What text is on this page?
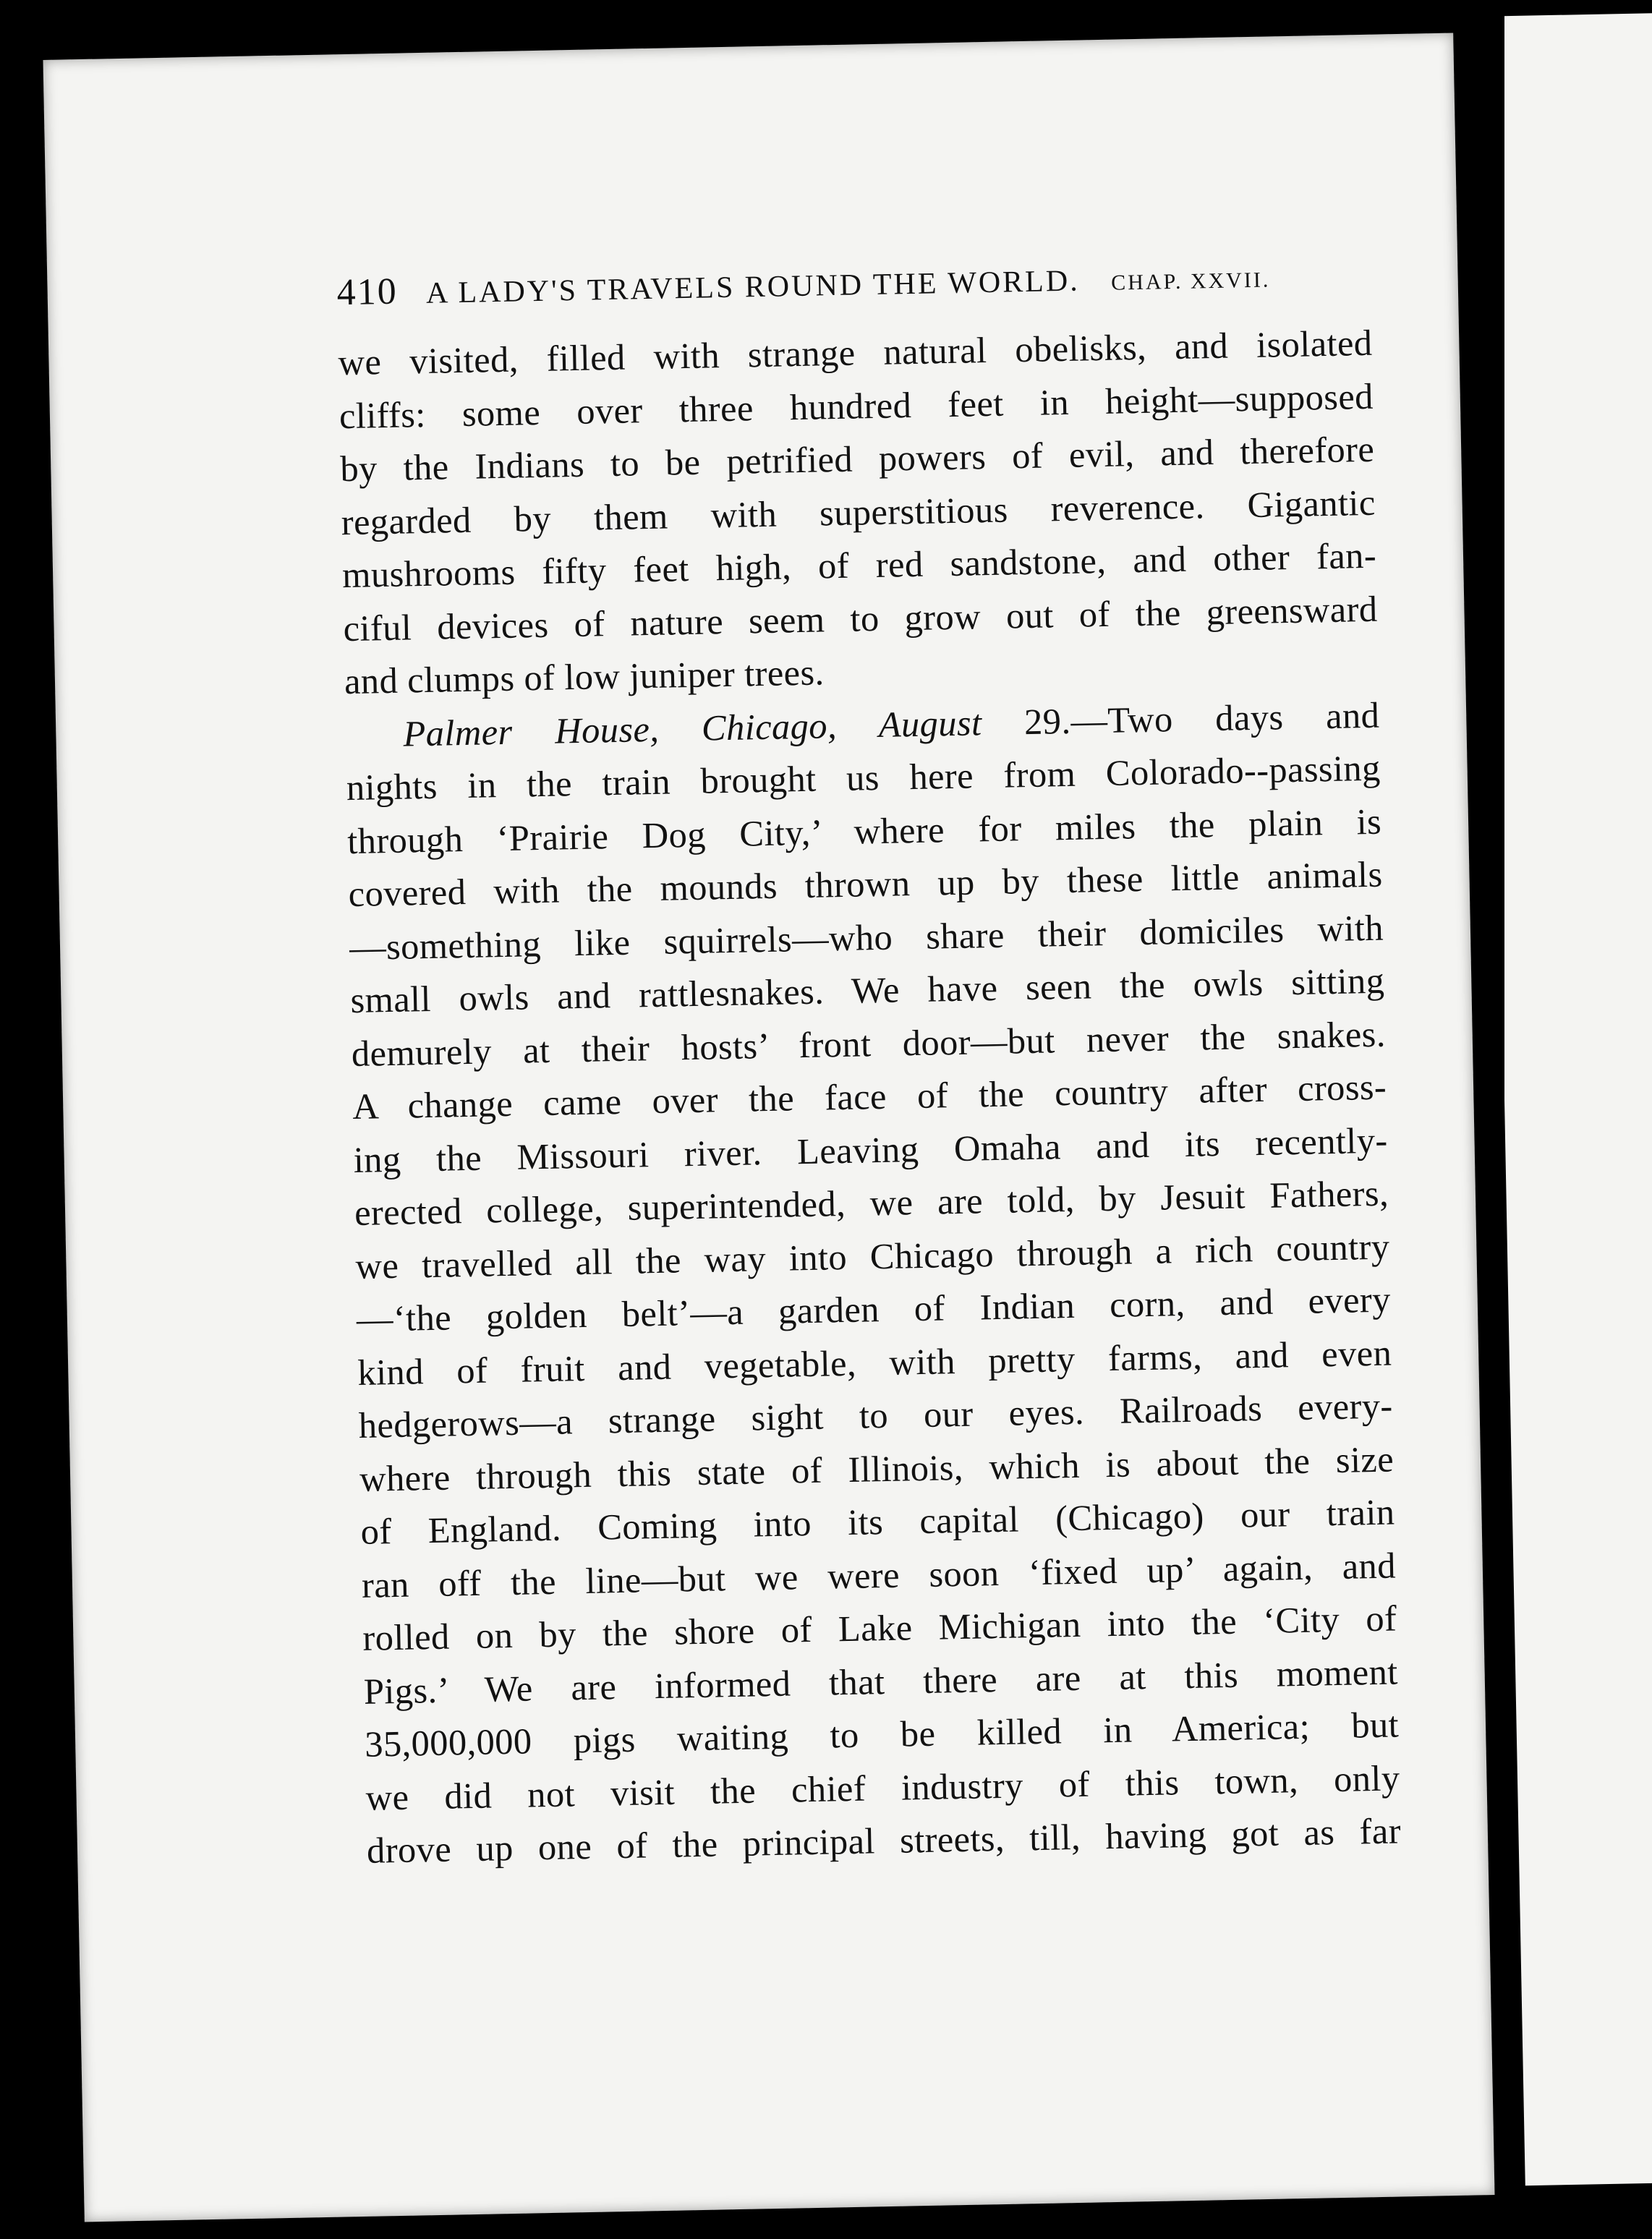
410 A LADY'S TRAVELS ROUND THE WORLD. CHAP. XXVII.
we visited, filled with strange natural obelisks, and isolated
cliffs: some over three hundred feet in height—supposed
by the Indians to be petrified powers of evil, and therefore
regarded by them with superstitious reverence. Gigantic
mushrooms fifty feet high, of red sandstone, and other fan-
ciful devices of nature seem to grow out of the greensward
and clumps of low juniper trees.
Palmer House, Chicago, August 29.—Two days and
nights in the train brought us here from Colorado--passing
through ‘Prairie Dog City,’ where for miles the plain is
covered with the mounds thrown up by these little animals
—something like squirrels—who share their domiciles with
small owls and rattlesnakes. We have seen the owls sitting
demurely at their hosts’ front door—but never the snakes.
A change came over the face of the country after cross-
ing the Missouri river. Leaving Omaha and its recently-
erected college, superintended, we are told, by Jesuit Fathers,
we travelled all the way into Chicago through a rich country
—‘the golden belt’—a garden of Indian corn, and every
kind of fruit and vegetable, with pretty farms, and even
hedgerows—a strange sight to our eyes. Railroads every-
where through this state of Illinois, which is about the size
of England. Coming into its capital (Chicago) our train
ran off the line—but we were soon ‘fixed up’ again, and
rolled on by the shore of Lake Michigan into the ‘City of
Pigs.’ We are informed that there are at this moment
35,000,000 pigs waiting to be killed in America; but
we did not visit the chief industry of this town, only
drove up one of the principal streets, till, having got as far
